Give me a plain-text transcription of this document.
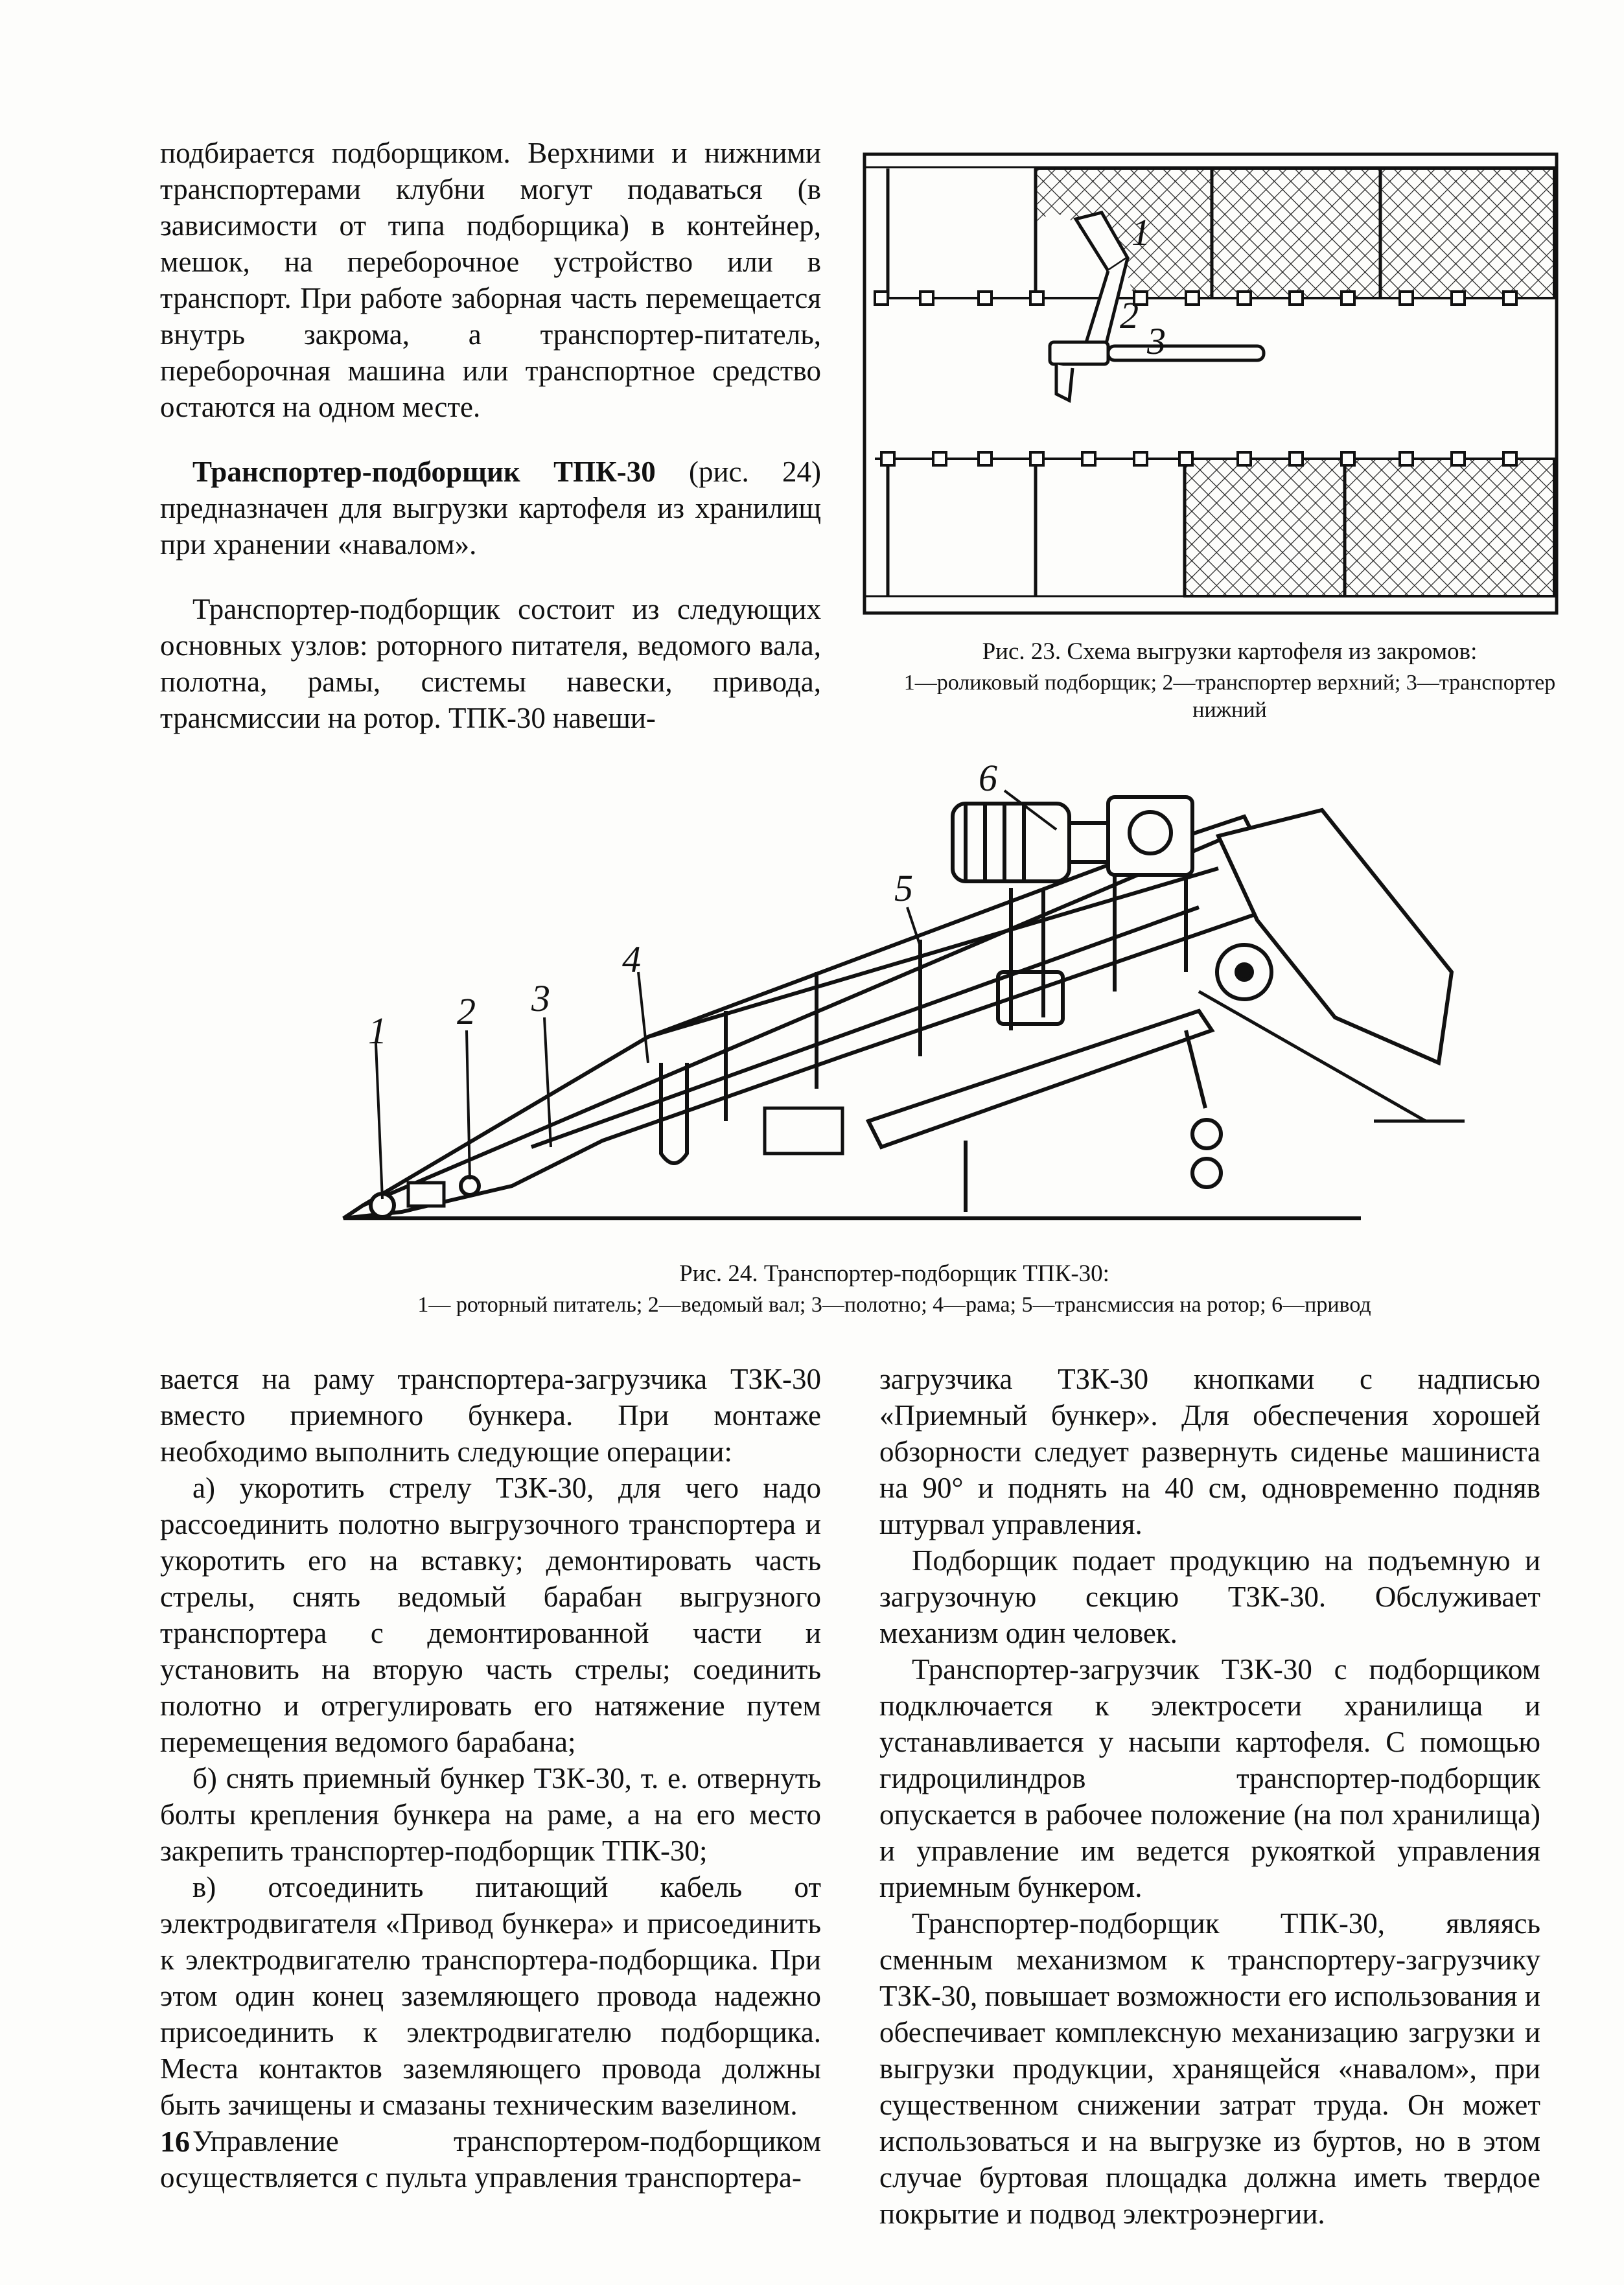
подбирается подборщиком. Верхними и нижними транспортерами клубни могут подаваться (в зависимости от типа подборщика) в контейнер, мешок, на переборочное устройство или в транспорт. При работе заборная часть перемещается внутрь закрома, а транспортер-питатель, переборочная машина или транспортное средство остаются на одном месте.

Транспортер-подборщик ТПК-30 (рис. 24) предназначен для выгрузки картофеля из хранилищ при хранении «навалом».

Транспортер-подборщик состоит из следующих основных узлов: роторного питателя, ведомого вала, полотна, рамы, системы навески, привода, трансмиссии на ротор. ТПК-30 навеши-

1
2
3
Рис. 23. Схема выгрузки картофеля из закромов:
1—роликовый подборщик; 2—транспортер верхний; 3—транспортер нижний
1 2 3
4
5
6
Рис. 24. Транспортер-подборщик ТПК-30:
1— роторный питатель; 2—ведомый вал; 3—полотно; 4—рама; 5—трансмиссия на ротор; 6—привод

вается на раму транспортера-загрузчика ТЗК-30 вместо приемного бункера. При монтаже необходимо выполнить следующие операции:

а) укоротить стрелу ТЗК-30, для чего надо рассоединить полотно выгрузочного транспортера и укоротить его на вставку; демонтировать часть стрелы, снять ведомый барабан выгрузного транспортера с демонтированной части и установить на вторую часть стрелы; соединить полотно и отрегулировать его натяжение путем перемещения ведомого барабана;

б) снять приемный бункер ТЗК-30, т. е. отвернуть болты крепления бункера на раме, а на его место закрепить транспортер-подборщик ТПК-30;

в) отсоединить питающий кабель от электродвигателя «Привод бункера» и присоединить к электродвигателю транспортера-подборщика. При этом один конец заземляющего провода надежно присоединить к электродвигателю подборщика. Места контактов заземляющего провода должны быть зачищены и смазаны техническим вазелином.

Управление транспортером-подборщиком осуществляется с пульта управления транспортера-

загрузчика ТЗК-30 кнопками с надписью «Приемный бункер». Для обеспечения хорошей обзорности следует развернуть сиденье машиниста на 90° и поднять на 40 см, одновременно подняв штурвал управления.

Подборщик подает продукцию на подъемную и загрузочную секцию ТЗК-30. Обслуживает механизм один человек.

Транспортер-загрузчик ТЗК-30 с подборщиком подключается к электросети хранилища и устанавливается у насыпи картофеля. С помощью гидроцилиндров транспортер-подборщик опускается в рабочее положение (на пол хранилища) и управление им ведется рукояткой управления приемным бункером.

Транспортер-подборщик ТПК-30, являясь сменным механизмом к транспортеру-загрузчику ТЗК-30, повышает возможности его использования и обеспечивает комплексную механизацию загрузки и выгрузки продукции, хранящейся «навалом», при существенном снижении затрат труда. Он может использоваться и на выгрузке из буртов, но в этом случае буртовая площадка должна иметь твердое покрытие и подвод электроэнергии.

16
